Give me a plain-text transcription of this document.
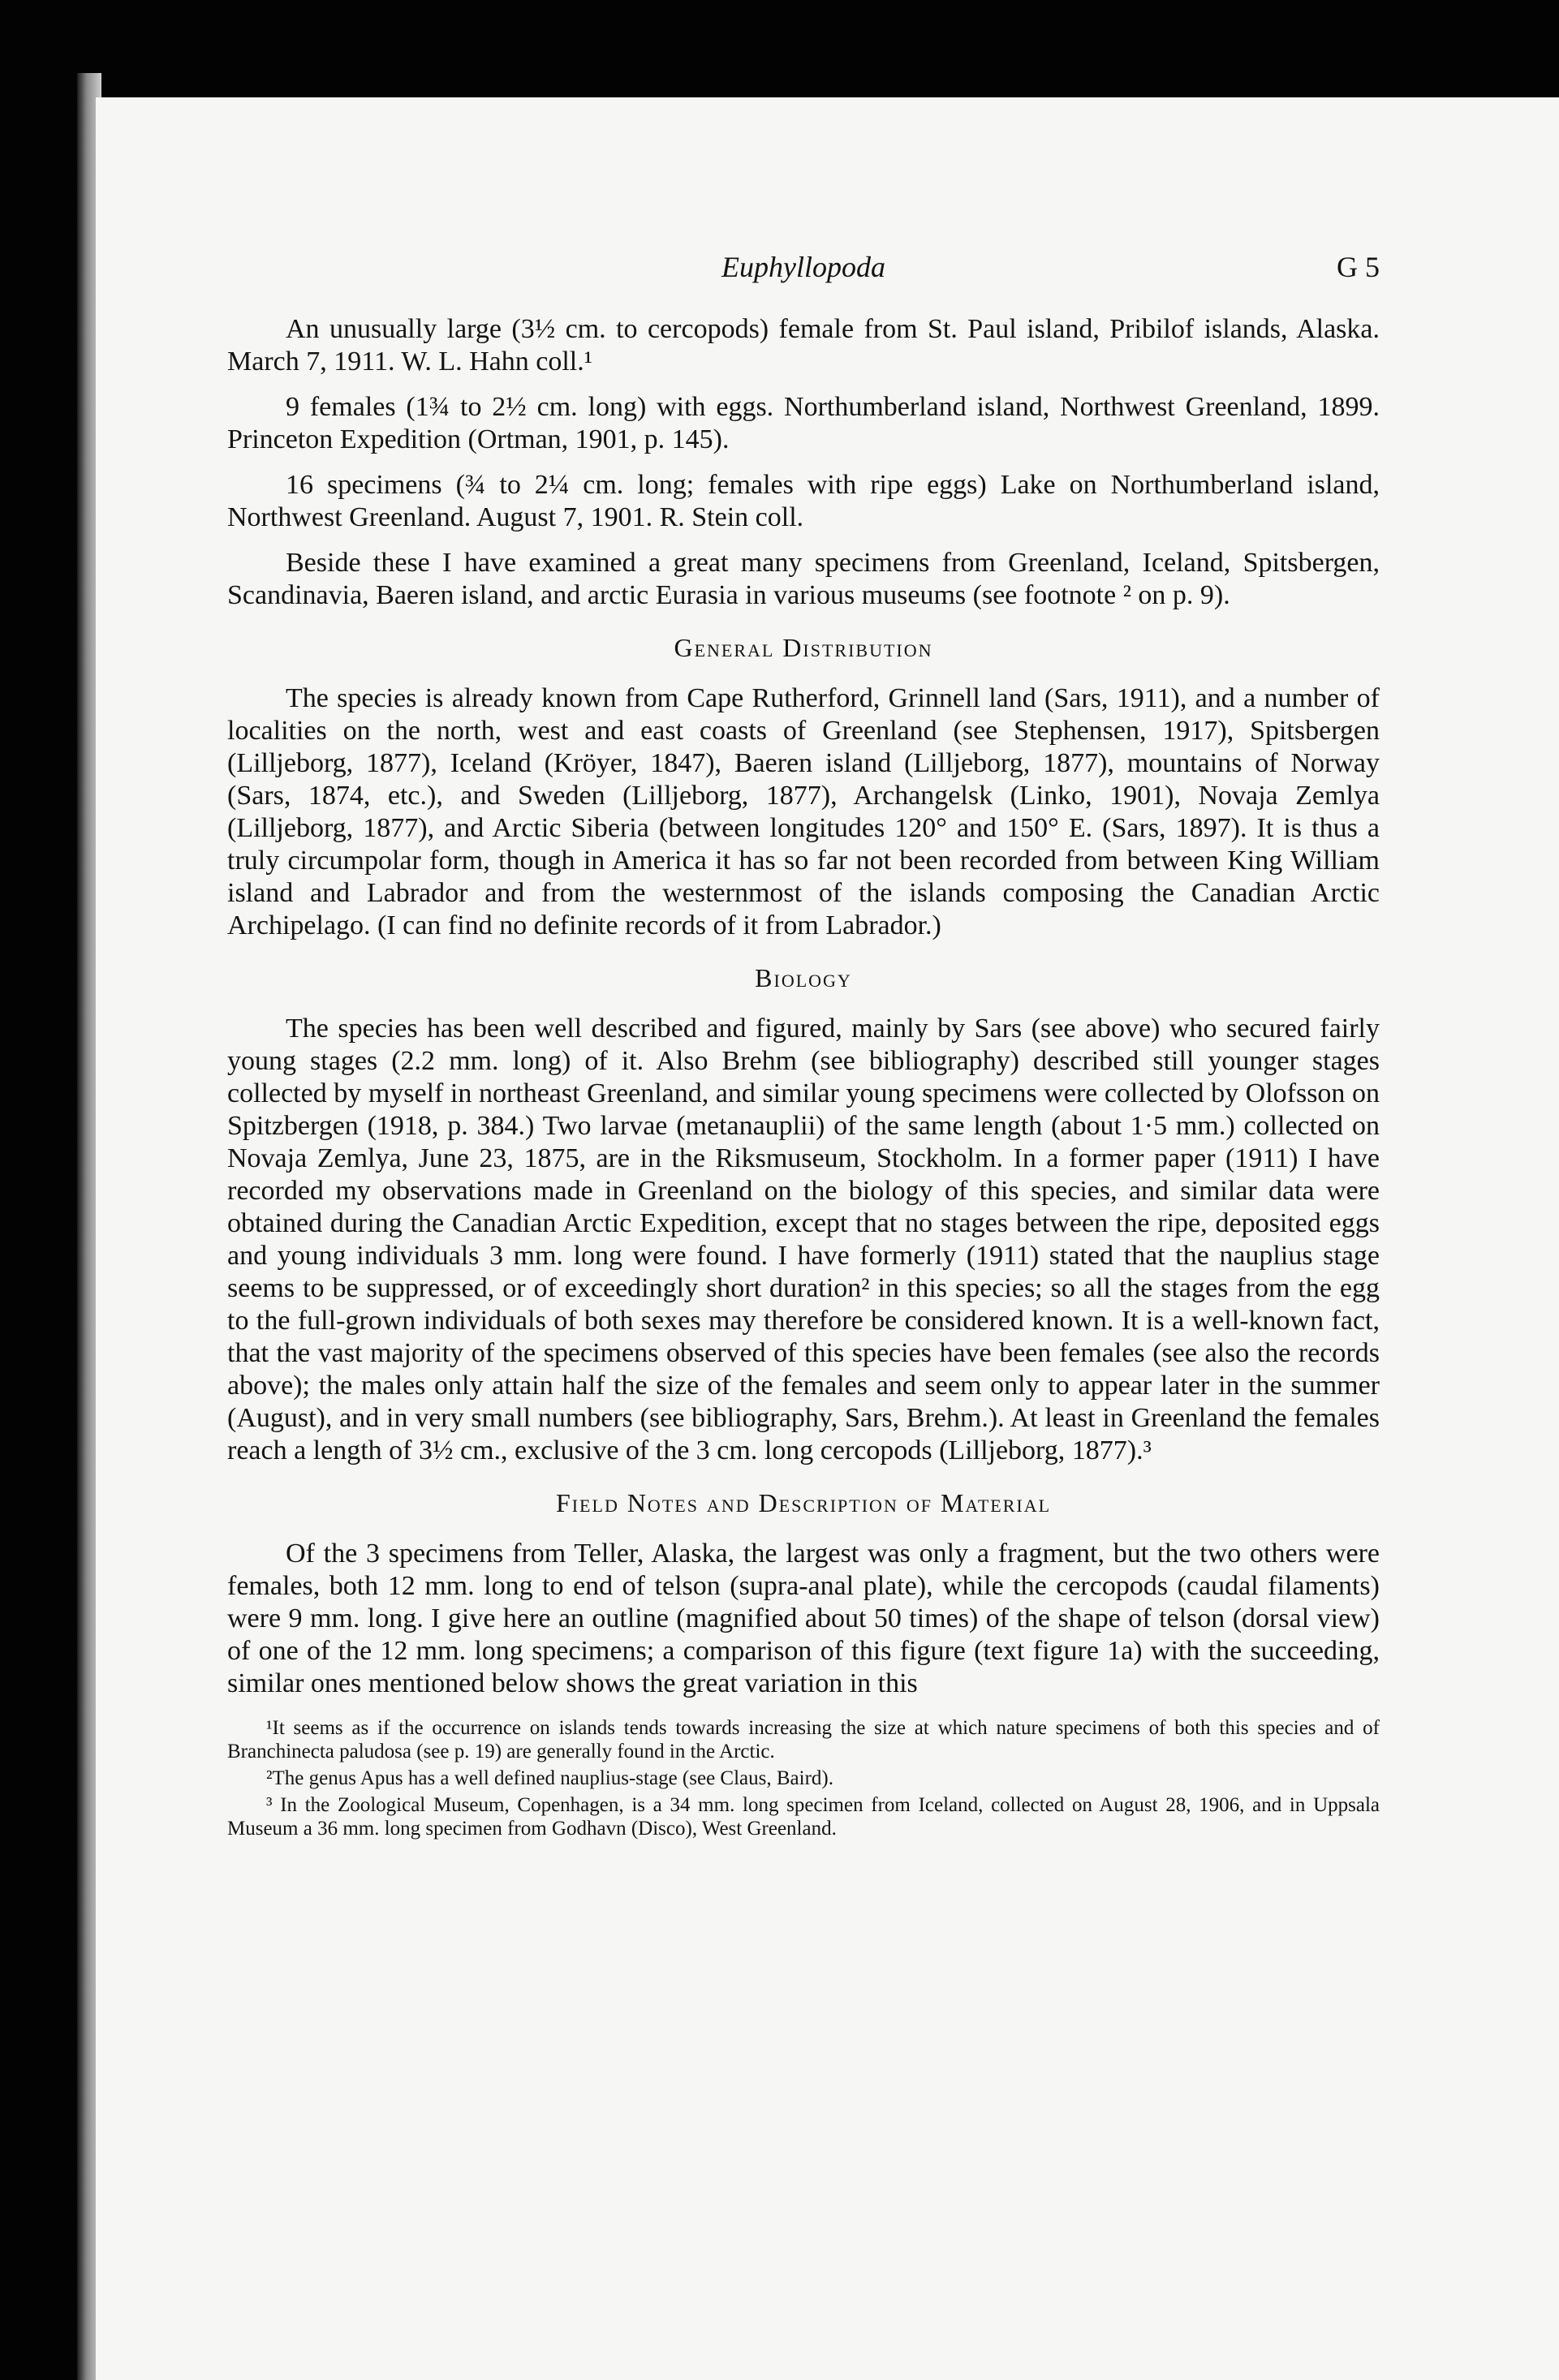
Euphyllopoda	G 5

An unusually large (3½ cm. to cercopods) female from St. Paul island, Pribilof islands, Alaska. March 7, 1911. W. L. Hahn coll.¹

9 females (1¾ to 2½ cm. long) with eggs. Northumberland island, Northwest Greenland, 1899. Princeton Expedition (Ortman, 1901, p. 145).

16 specimens (¾ to 2¼ cm. long; females with ripe eggs) Lake on Northumberland island, Northwest Greenland. August 7, 1901. R. Stein coll.

Beside these I have examined a great many specimens from Greenland, Iceland, Spitsbergen, Scandinavia, Baeren island, and arctic Eurasia in various museums (see footnote ² on p. 9).

General Distribution

The species is already known from Cape Rutherford, Grinnell land (Sars, 1911), and a number of localities on the north, west and east coasts of Greenland (see Stephensen, 1917), Spitsbergen (Lilljeborg, 1877), Iceland (Kröyer, 1847), Baeren island (Lilljeborg, 1877), mountains of Norway (Sars, 1874, etc.), and Sweden (Lilljeborg, 1877), Archangelsk (Linko, 1901), Novaja Zemlya (Lilljeborg, 1877), and Arctic Siberia (between longitudes 120° and 150° E. (Sars, 1897). It is thus a truly circumpolar form, though in America it has so far not been recorded from between King William island and Labrador and from the westernmost of the islands composing the Canadian Arctic Archipelago. (I can find no definite records of it from Labrador.)

Biology

The species has been well described and figured, mainly by Sars (see above) who secured fairly young stages (2.2 mm. long) of it. Also Brehm (see bibliography) described still younger stages collected by myself in northeast Greenland, and similar young specimens were collected by Olofsson on Spitzbergen (1918, p. 384.) Two larvae (metanauplii) of the same length (about 1·5 mm.) collected on Novaja Zemlya, June 23, 1875, are in the Riksmuseum, Stockholm. In a former paper (1911) I have recorded my observations made in Greenland on the biology of this species, and similar data were obtained during the Canadian Arctic Expedition, except that no stages between the ripe, deposited eggs and young individuals 3 mm. long were found. I have formerly (1911) stated that the nauplius stage seems to be suppressed, or of exceedingly short duration² in this species; so all the stages from the egg to the full-grown individuals of both sexes may therefore be considered known. It is a well-known fact, that the vast majority of the specimens observed of this species have been females (see also the records above); the males only attain half the size of the females and seem only to appear later in the summer (August), and in very small numbers (see bibliography, Sars, Brehm.). At least in Greenland the females reach a length of 3½ cm., exclusive of the 3 cm. long cercopods (Lilljeborg, 1877).³

Field Notes and Description of Material

Of the 3 specimens from Teller, Alaska, the largest was only a fragment, but the two others were females, both 12 mm. long to end of telson (supra-anal plate), while the cercopods (caudal filaments) were 9 mm. long. I give here an outline (magnified about 50 times) of the shape of telson (dorsal view) of one of the 12 mm. long specimens; a comparison of this figure (text figure 1a) with the succeeding, similar ones mentioned below shows the great variation in this

¹It seems as if the occurrence on islands tends towards increasing the size at which nature specimens of both this species and of Branchinecta paludosa (see p. 19) are generally found in the Arctic.

²The genus Apus has a well defined nauplius-stage (see Claus, Baird).

³ In the Zoological Museum, Copenhagen, is a 34 mm. long specimen from Iceland, collected on August 28, 1906, and in Uppsala Museum a 36 mm. long specimen from Godhavn (Disco), West Greenland.
